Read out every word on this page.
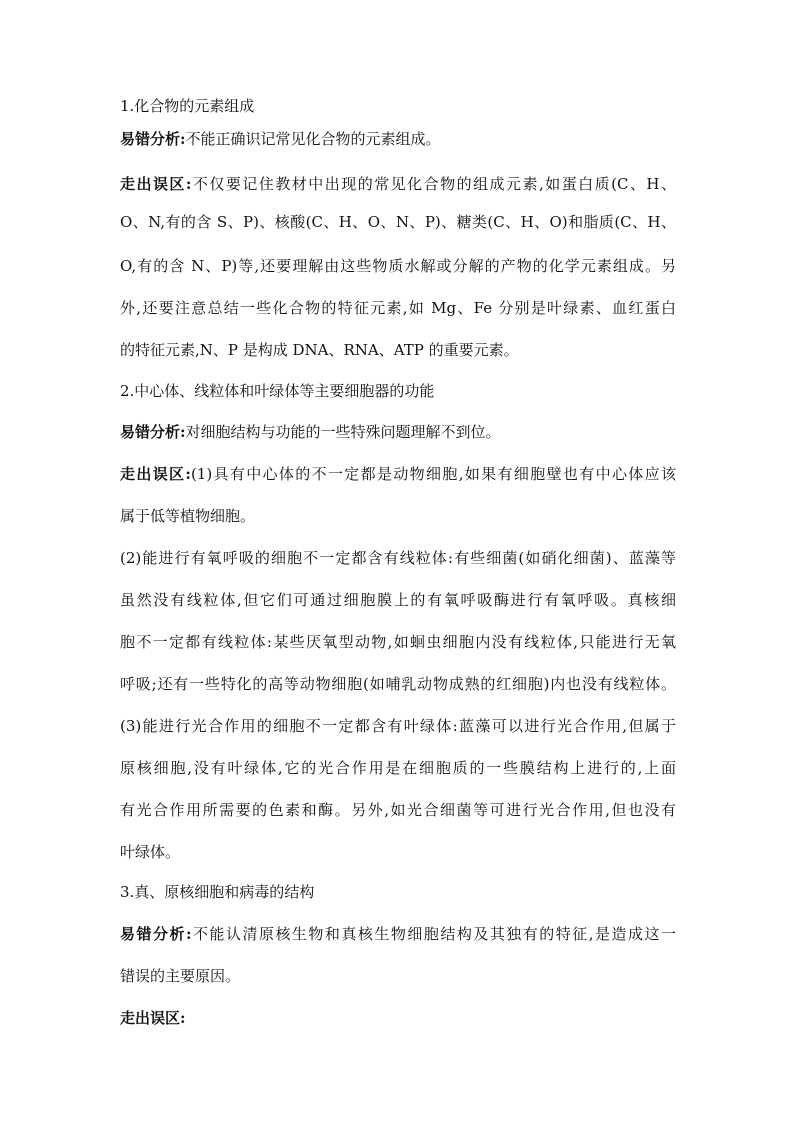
1.化合物的元素组成
易错分析:不能正确识记常见化合物的元素组成。
走出误区:不仅要记住教材中出现的常见化合物的组成元素,如蛋白质(C、H、
O、N,有的含 S、P)、核酸(C、H、O、N、P)、糖类(C、H、O)和脂质(C、H、
O,有的含 N、P)等,还要理解由这些物质水解或分解的产物的化学元素组成。另
外,还要注意总结一些化合物的特征元素,如 Mg、Fe 分别是叶绿素、血红蛋白
的特征元素,N、P 是构成 DNA、RNA、ATP 的重要元素。
2.中心体、线粒体和叶绿体等主要细胞器的功能
易错分析:对细胞结构与功能的一些特殊问题理解不到位。
走出误区:(1)具有中心体的不一定都是动物细胞,如果有细胞壁也有中心体应该
属于低等植物细胞。
(2)能进行有氧呼吸的细胞不一定都含有线粒体:有些细菌(如硝化细菌)、蓝藻等
虽然没有线粒体,但它们可通过细胞膜上的有氧呼吸酶进行有氧呼吸。真核细
胞不一定都有线粒体:某些厌氧型动物,如蛔虫细胞内没有线粒体,只能进行无氧
呼吸;还有一些特化的高等动物细胞(如哺乳动物成熟的红细胞)内也没有线粒体。
(3)能进行光合作用的细胞不一定都含有叶绿体:蓝藻可以进行光合作用,但属于
原核细胞,没有叶绿体,它的光合作用是在细胞质的一些膜结构上进行的,上面
有光合作用所需要的色素和酶。另外,如光合细菌等可进行光合作用,但也没有
叶绿体。
3.真、原核细胞和病毒的结构
易错分析:不能认清原核生物和真核生物细胞结构及其独有的特征,是造成这一
错误的主要原因。
走出误区:
